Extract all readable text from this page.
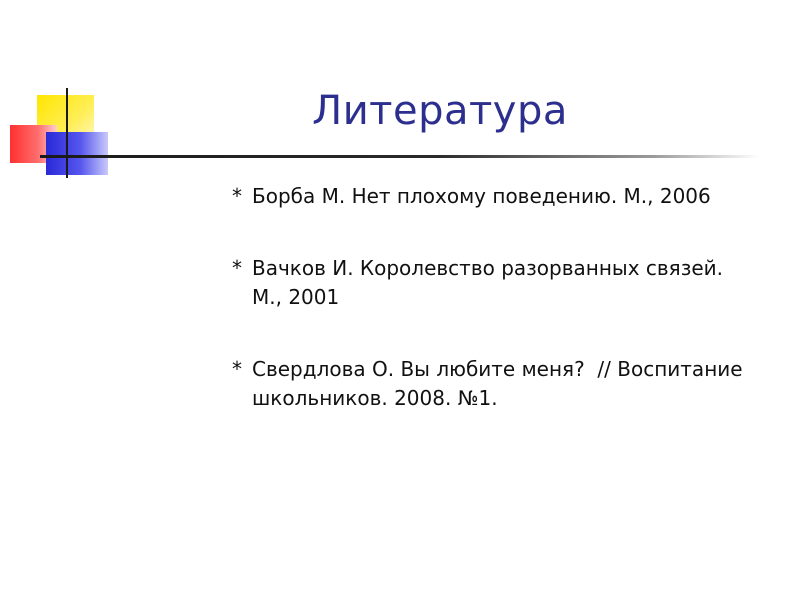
Литература
* Борба М. Нет плохому поведению. М., 2006
* Вачков И. Королевство разорванных связей. М., 2001
* Свердлова О. Вы любите меня?  // Воспитание школьников. 2008. №1.
